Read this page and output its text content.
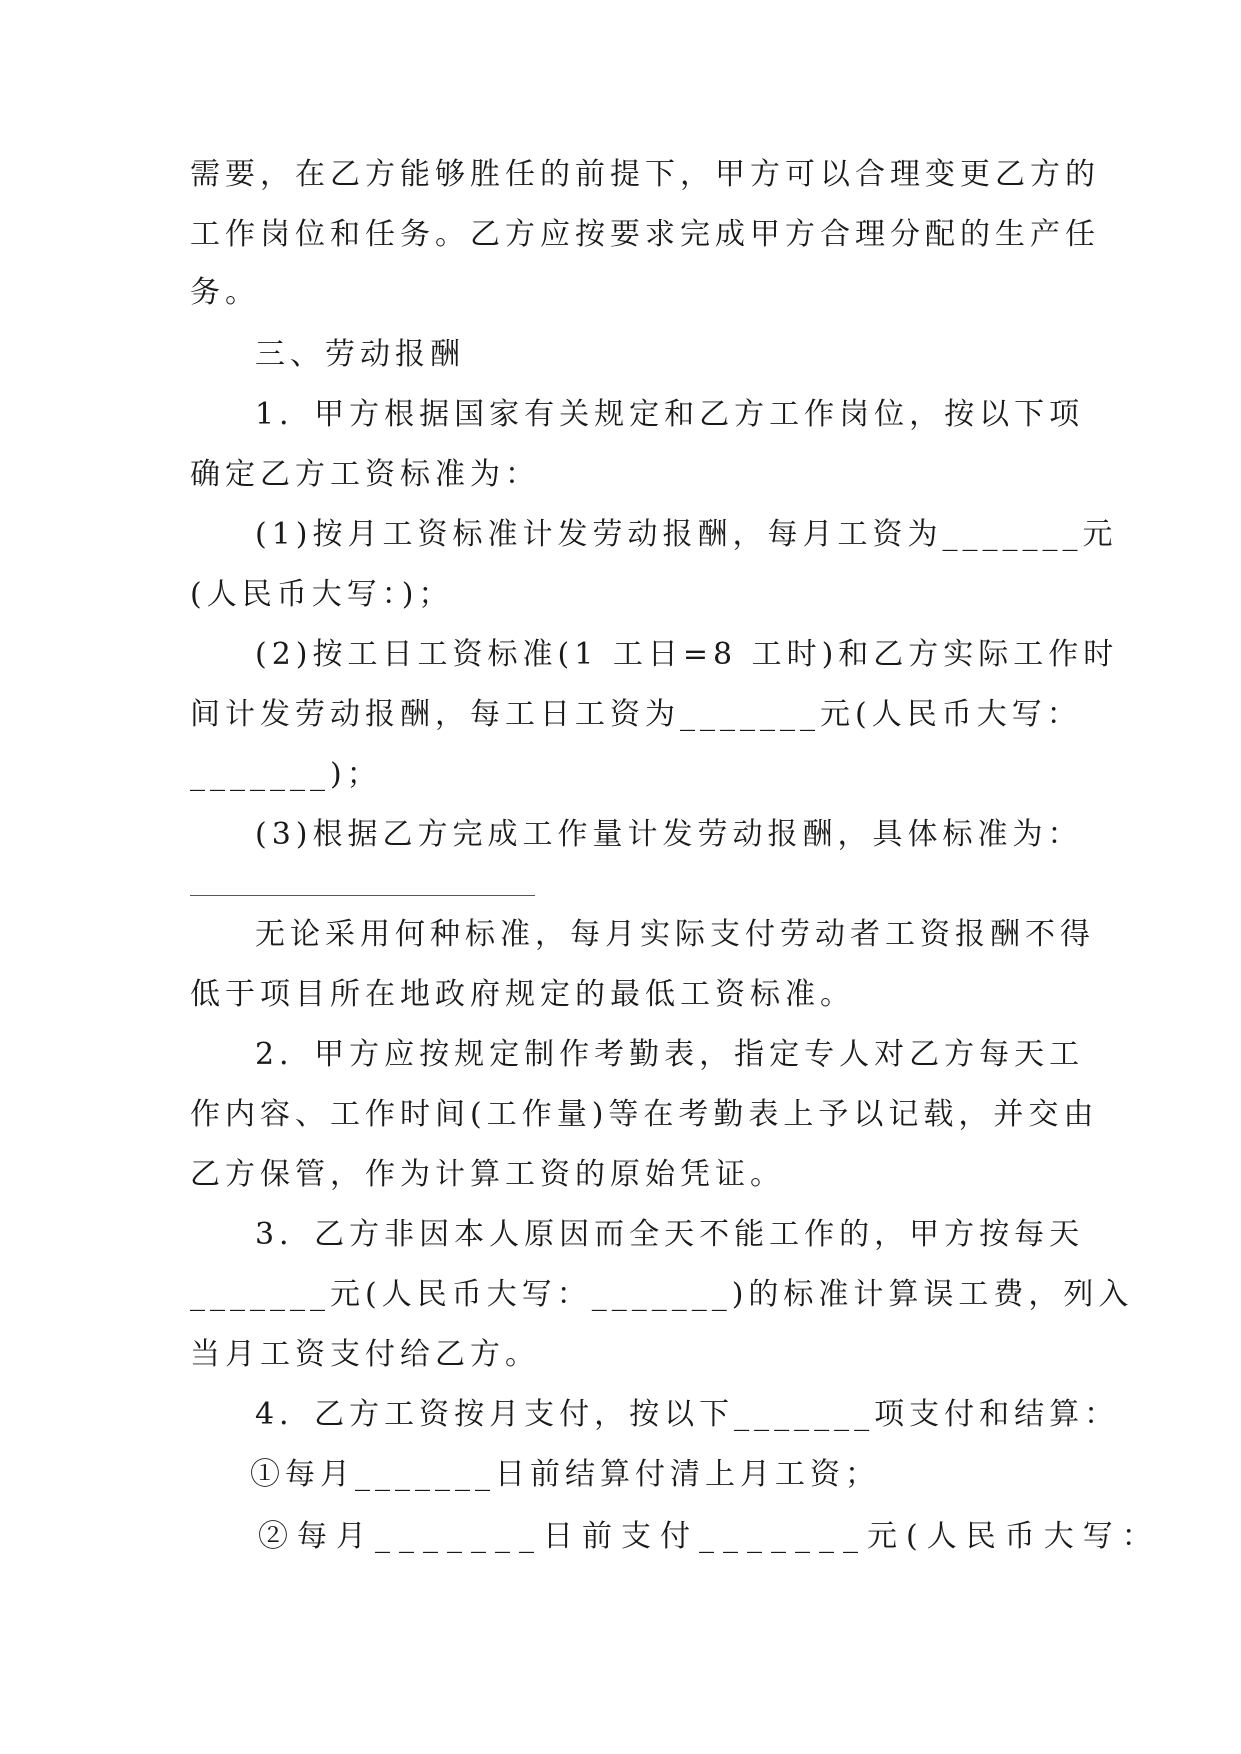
需要，在乙方能够胜任的前提下，甲方可以合理变更乙方的
工作岗位和任务。乙方应按要求完成甲方合理分配的生产任
务。
三、劳动报酬
1．甲方根据国家有关规定和乙方工作岗位，按以下项
确定乙方工资标准为：
(1)按月工资标准计发劳动报酬，每月工资为_______元
(人民币大写：)；
(2)按工日工资标准(1 工日=8 工时)和乙方实际工作时
间计发劳动报酬，每工日工资为_______元(人民币大写：
_______)；
(3)根据乙方完成工作量计发劳动报酬，具体标准为：
无论采用何种标准，每月实际支付劳动者工资报酬不得
低于项目所在地政府规定的最低工资标准。
2．甲方应按规定制作考勤表，指定专人对乙方每天工
作内容、工作时间(工作量)等在考勤表上予以记载，并交由
乙方保管，作为计算工资的原始凭证。
3．乙方非因本人原因而全天不能工作的，甲方按每天
_______元(人民币大写：_______)的标准计算误工费，列入
当月工资支付给乙方。
4．乙方工资按月支付，按以下_______项支付和结算：
①每月_______日前结算付清上月工资；
②每月_______日前支付_______元(人民币大写：
